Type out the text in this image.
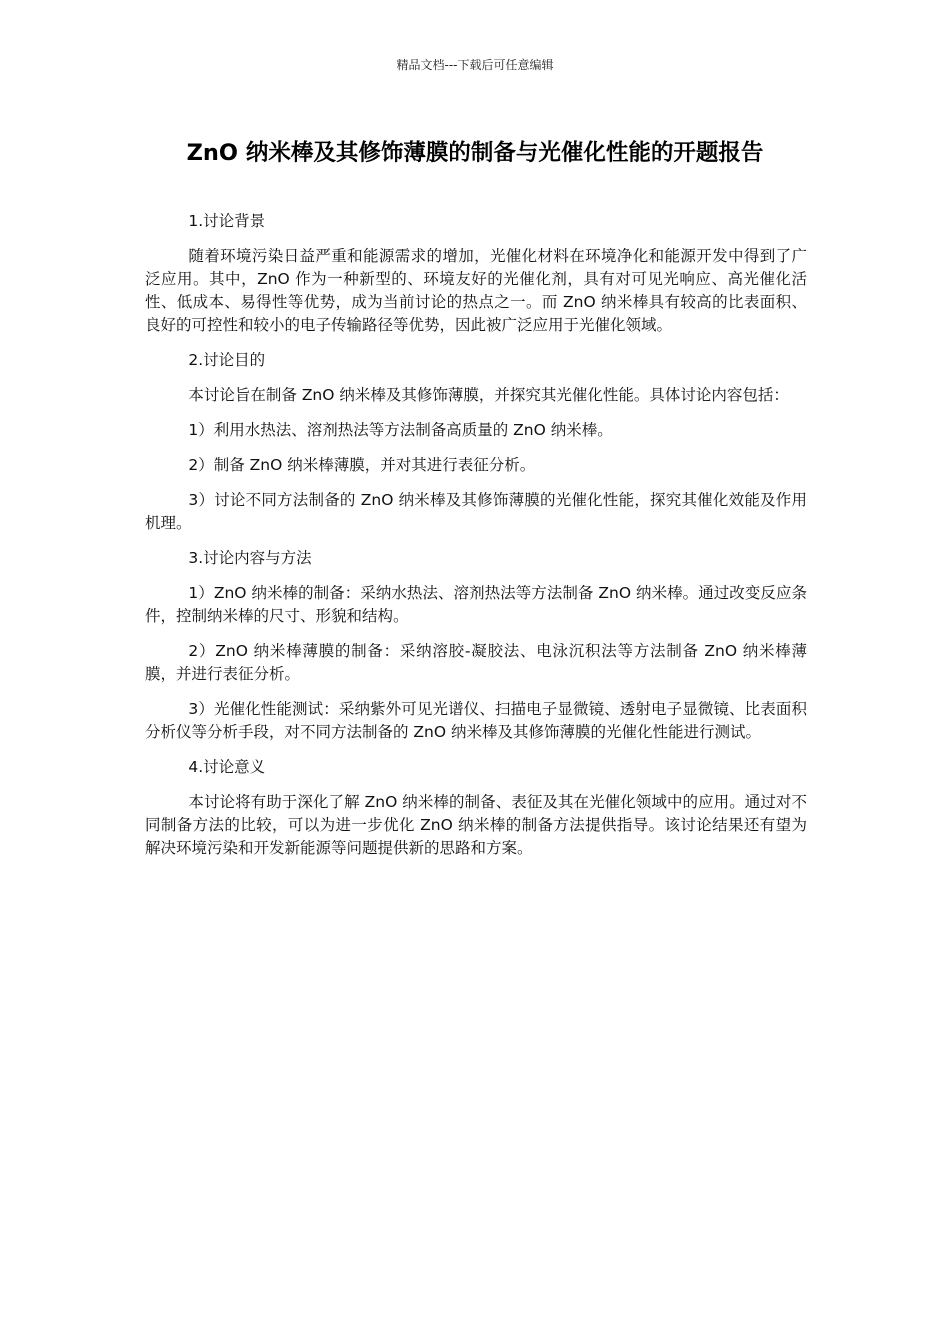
精品文档---下载后可任意编辑
ZnO 纳米棒及其修饰薄膜的制备与光催化性能的开题报告

1.讨论背景

随着环境污染日益严重和能源需求的增加，光催化材料在环境净化和能源开发中得到了广泛应用。其中，ZnO 作为一种新型的、环境友好的光催化剂，具有对可见光响应、高光催化活性、低成本、易得性等优势，成为当前讨论的热点之一。而 ZnO 纳米棒具有较高的比表面积、良好的可控性和较小的电子传输路径等优势，因此被广泛应用于光催化领域。

2.讨论目的

本讨论旨在制备 ZnO 纳米棒及其修饰薄膜，并探究其光催化性能。具体讨论内容包括：

1）利用水热法、溶剂热法等方法制备高质量的 ZnO 纳米棒。

2）制备 ZnO 纳米棒薄膜，并对其进行表征分析。

3）讨论不同方法制备的 ZnO 纳米棒及其修饰薄膜的光催化性能，探究其催化效能及作用机理。

3.讨论内容与方法

1）ZnO 纳米棒的制备：采纳水热法、溶剂热法等方法制备 ZnO 纳米棒。通过改变反应条件，控制纳米棒的尺寸、形貌和结构。

2）ZnO 纳米棒薄膜的制备：采纳溶胶-凝胶法、电泳沉积法等方法制备 ZnO 纳米棒薄膜，并进行表征分析。

3）光催化性能测试：采纳紫外可见光谱仪、扫描电子显微镜、透射电子显微镜、比表面积分析仪等分析手段，对不同方法制备的 ZnO 纳米棒及其修饰薄膜的光催化性能进行测试。

4.讨论意义

本讨论将有助于深化了解 ZnO 纳米棒的制备、表征及其在光催化领域中的应用。通过对不同制备方法的比较，可以为进一步优化 ZnO 纳米棒的制备方法提供指导。该讨论结果还有望为解决环境污染和开发新能源等问题提供新的思路和方案。
